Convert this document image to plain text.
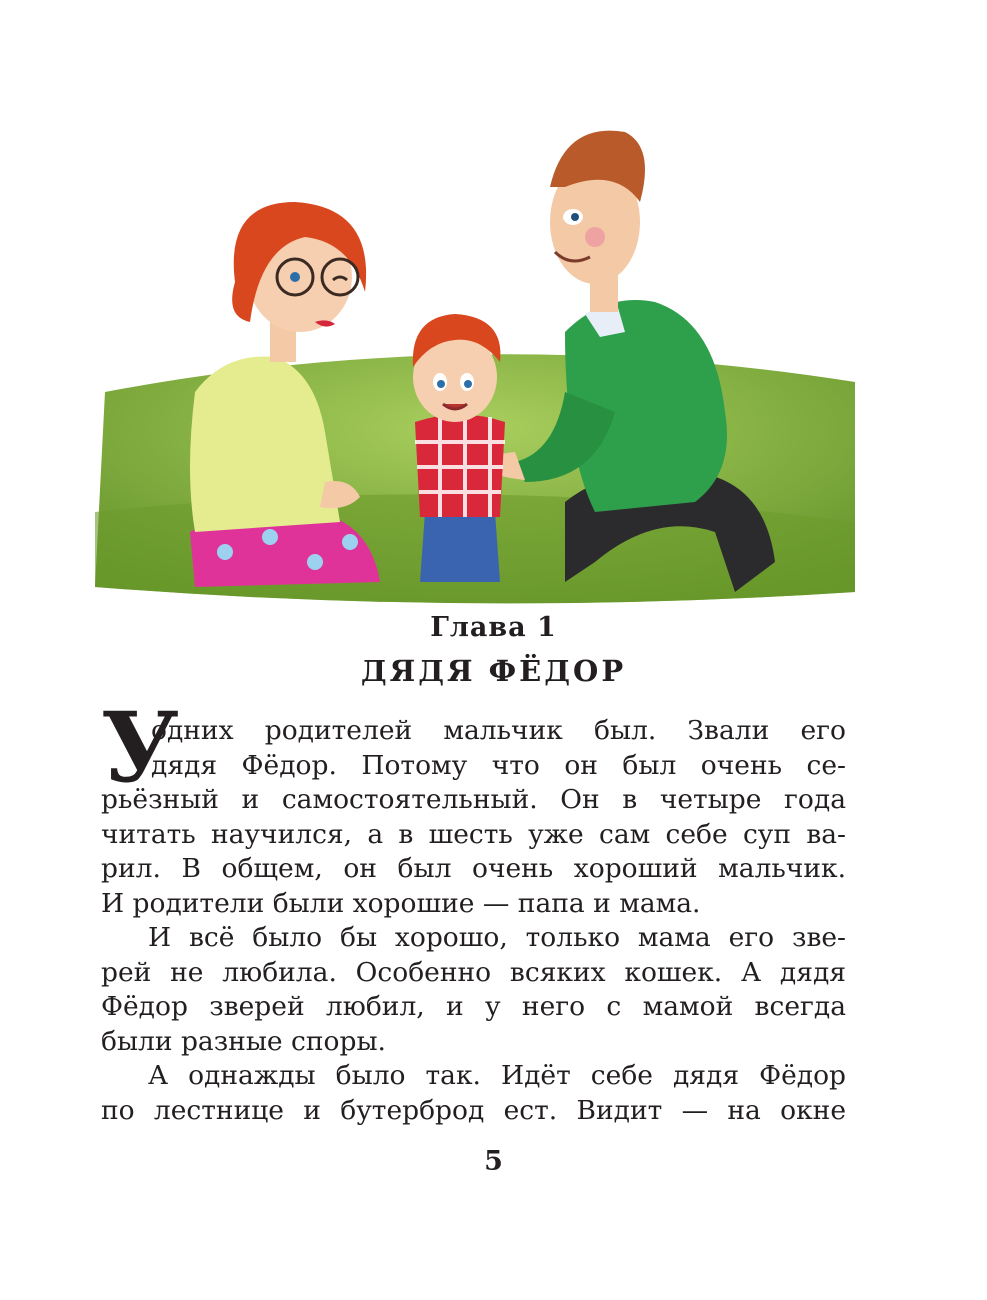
Глава 1
ДЯДЯ ФЁДОР
У
одних родителей мальчик был. Звали его
дядя Фёдор. Потому что он был очень се-
рьёзный и самостоятельный. Он в четыре года
читать научился, а в шесть уже сам себе суп ва-
рил. В общем, он был очень хороший мальчик.
И родители были хорошие — папа и мама.
И всё было бы хорошо, только мама его зве-
рей не любила. Особенно всяких кошек. А дядя
Фёдор зверей любил, и у него с мамой всегда
были разные споры.
А однажды было так. Идёт себе дядя Фёдор
по лестнице и бутерброд ест. Видит — на окне
5
